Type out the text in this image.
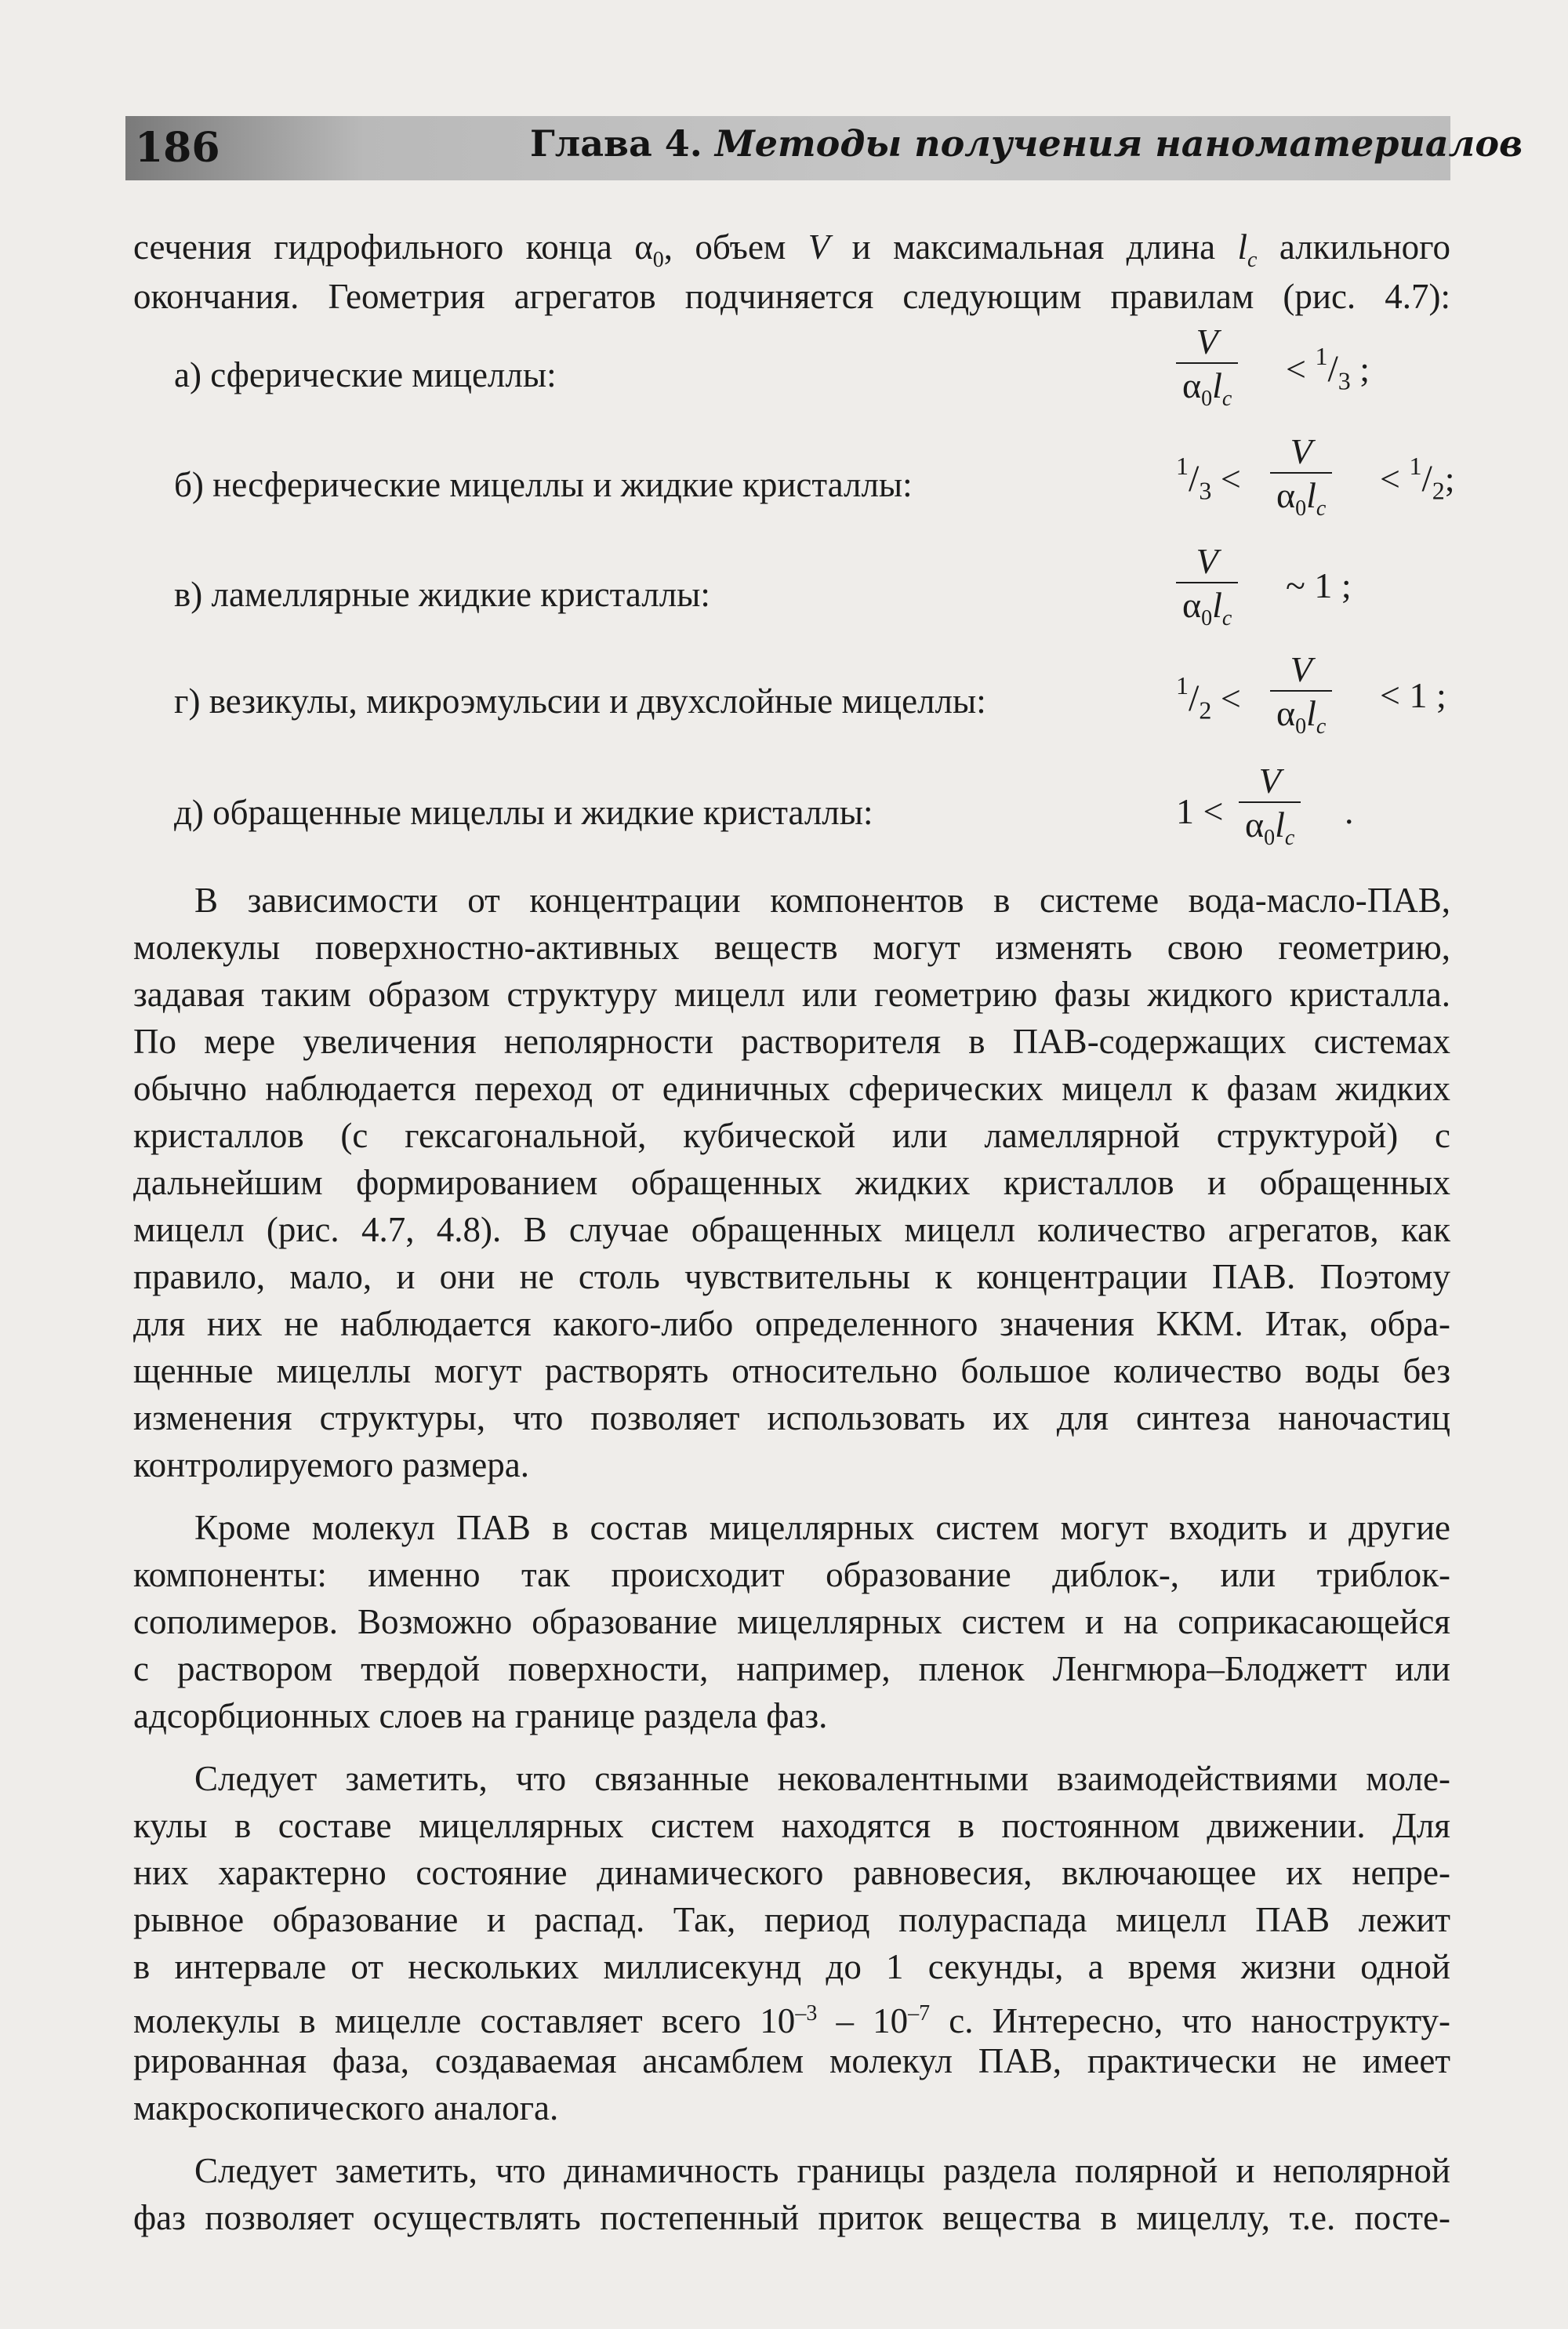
186	Глава 4. Методы получения наноматериалов
сечения гидрофильного конца $\alpha_0$, объем V и максимальная длина $l_c$ алкильного
окончания. Геометрия агрегатов подчиняется следующим правилам (рис. 4.7):
а) сферические мицеллы:	$\frac{V}{\alpha_0l_c} < ^1/_3$ ;
б) несферические мицеллы и жидкие кристаллы:	$^1/_3 < \frac{V}{\alpha_0l_c} < ^1/_2$;
в) ламеллярные жидкие кристаллы:	$\frac{V}{\alpha_0l_c}$ ~ 1 ;
г) везикулы, микроэмульсии и двухслойные мицеллы:	$^1/_2 < \frac{V}{\alpha_0l_c} < 1$ ;
д) обращенные мицеллы и жидкие кристаллы:	$1 < \frac{V}{\alpha_0l_c}$ .
В зависимости от концентрации компонентов в системе вода-масло-ПАВ,
молекулы поверхностно-активных веществ могут изменять свою геометрию,
задавая таким образом структуру мицелл или геометрию фазы жидкого кристалла.
По мере увеличения неполярности растворителя в ПАВ-содержащих системах
обычно наблюдается переход от единичных сферических мицелл к фазам жидких
кристаллов (с гексагональной, кубической или ламеллярной структурой) с
дальнейшим формированием обращенных жидких кристаллов и обращенных
мицелл (рис. 4.7, 4.8). В случае обращенных мицелл количество агрегатов, как
правило, мало, и они не столь чувствительны к концентрации ПАВ. Поэтому
для них не наблюдается какого-либо определенного значения ККМ. Итак, обра-
щенные мицеллы могут растворять относительно большое количество воды без
изменения структуры, что позволяет использовать их для синтеза наночастиц
контролируемого размера.
Кроме молекул ПАВ в состав мицеллярных систем могут входить и другие
компоненты: именно так происходит образование диблок-, или триблок-
сополимеров. Возможно образование мицеллярных систем и на соприкасающейся
с раствором твердой поверхности, например, пленок Ленгмюра–Блоджетт или
адсорбционных слоев на границе раздела фаз.
Следует заметить, что связанные нековалентными взаимодействиями моле-
кулы в составе мицеллярных систем находятся в постоянном движении. Для
них характерно состояние динамического равновесия, включающее их непре-
рывное образование и распад. Так, период полураспада мицелл ПАВ лежит
в интервале от нескольких миллисекунд до 1 секунды, а время жизни одной
молекулы в мицелле составляет всего $10^{-3} - 10^{-7}$ с. Интересно, что нанострукту-
рированная фаза, создаваемая ансамблем молекул ПАВ, практически не имеет
макроскопического аналога.
Следует заметить, что динамичность границы раздела полярной и неполярной
фаз позволяет осуществлять постепенный приток вещества в мицеллу, т.е. посте-
